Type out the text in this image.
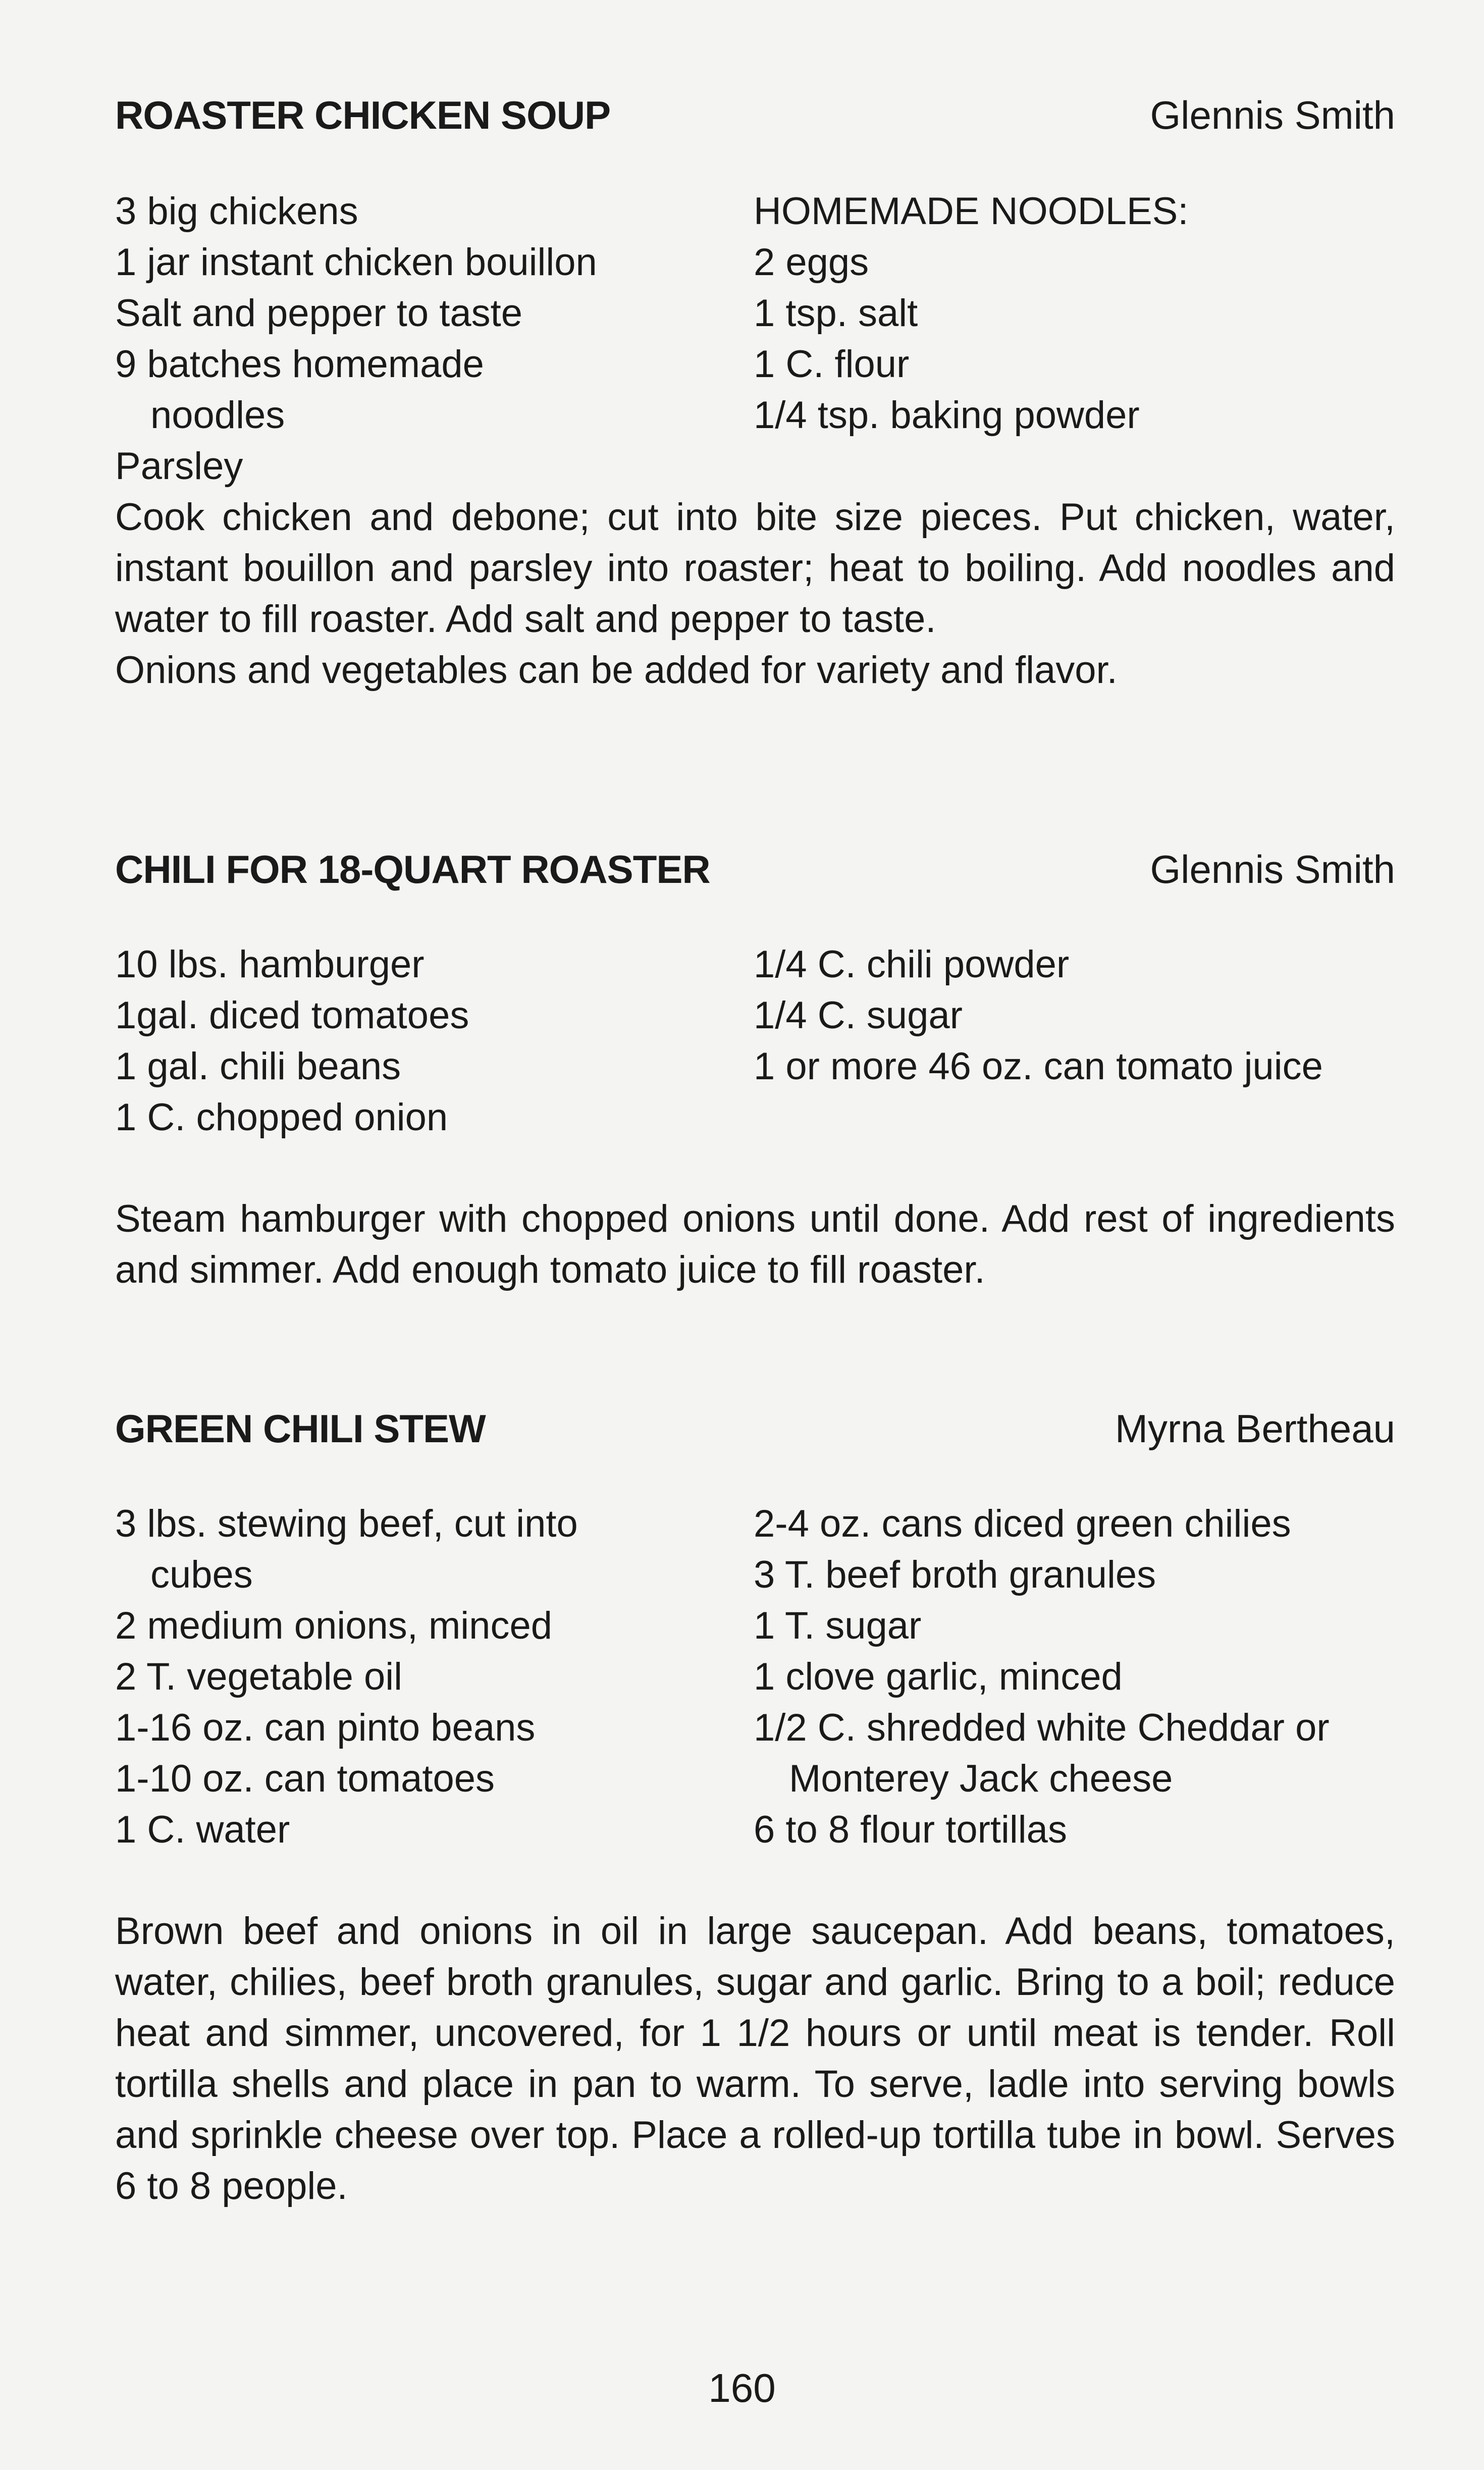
ROASTER CHICKEN SOUP	Glennis Smith
3 big chickens
1 jar instant chicken bouillon
Salt and pepper to taste
9 batches homemade noodles
Parsley
HOMEMADE NOODLES:
2 eggs
1 tsp. salt
1 C. flour
1/4 tsp. baking powder
Cook chicken and debone; cut into bite size pieces. Put chicken, water, instant bouillon and parsley into roaster; heat to boiling. Add noodles and water to fill roaster. Add salt and pepper to taste.
Onions and vegetables can be added for variety and flavor.
CHILI FOR 18-QUART ROASTER	Glennis Smith
10 lbs. hamburger
1gal. diced tomatoes
1 gal. chili beans
1 C. chopped onion
1/4 C. chili powder
1/4 C. sugar
1 or more 46 oz. can tomato juice
Steam hamburger with chopped onions until done. Add rest of ingredients and simmer. Add enough tomato juice to fill roaster.
GREEN CHILI STEW	Myrna Bertheau
3 lbs. stewing beef, cut into cubes
2 medium onions, minced
2 T. vegetable oil
1-16 oz. can pinto beans
1-10 oz. can tomatoes
1 C. water
2-4 oz. cans diced green chilies
3 T. beef broth granules
1 T. sugar
1 clove garlic, minced
1/2 C. shredded white Cheddar or Monterey Jack cheese
6 to 8 flour tortillas
Brown beef and onions in oil in large saucepan. Add beans, tomatoes, water, chilies, beef broth granules, sugar and garlic. Bring to a boil; reduce heat and simmer, uncovered, for 1 1/2 hours or until meat is tender. Roll tortilla shells and place in pan to warm. To serve, ladle into serving bowls and sprinkle cheese over top. Place a rolled-up tortilla tube in bowl. Serves 6 to 8 people.
160
